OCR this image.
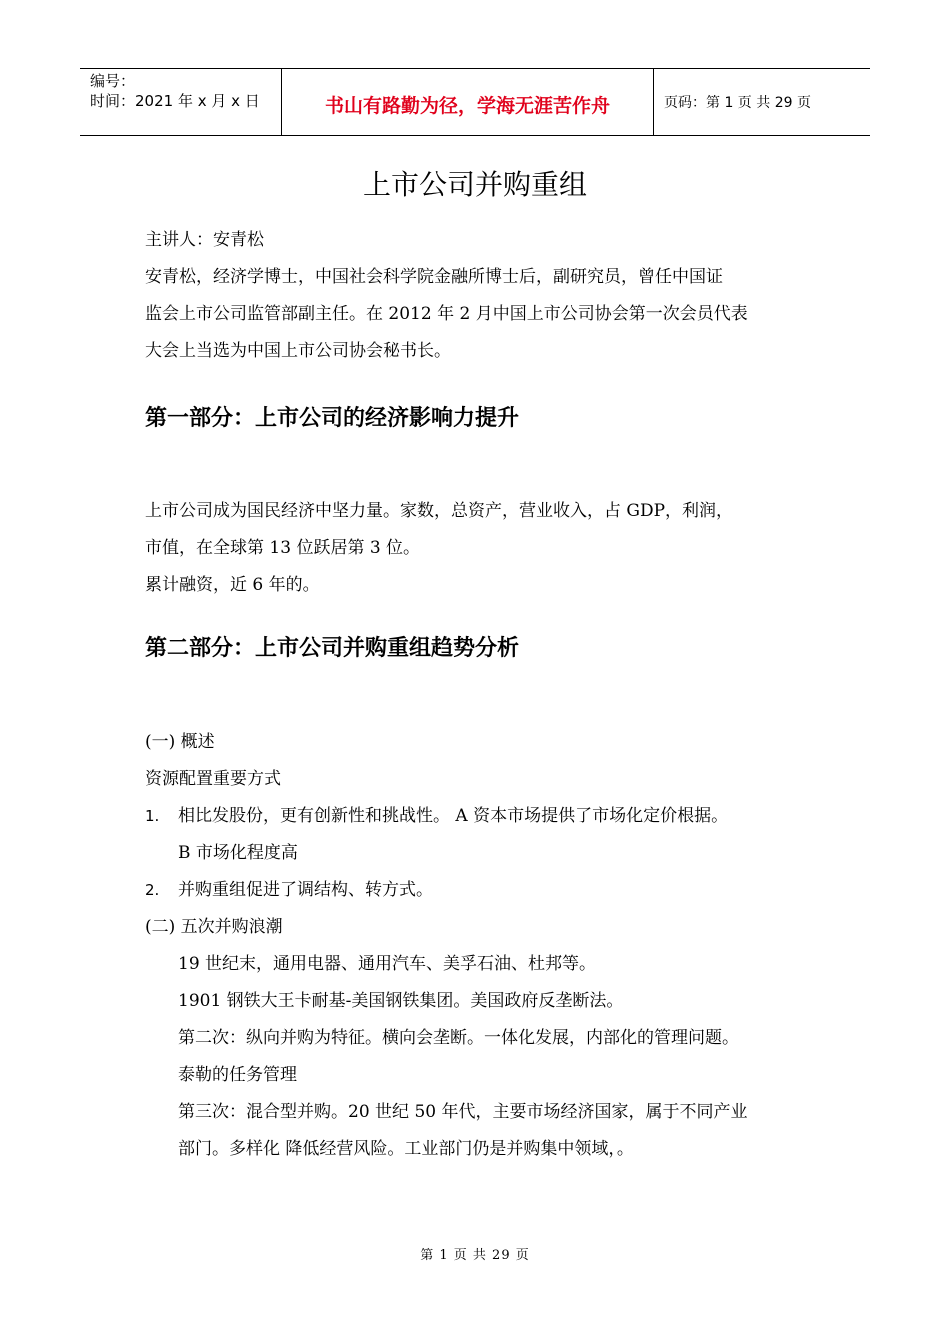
编号：
时间：2021 年 x 月 x 日	书山有路勤为径，学海无涯苦作舟	页码：第 1 页 共 29 页
上市公司并购重组

主讲人：安青松

安青松，经济学博士，中国社会科学院金融所博士后，副研究员，曾任中国证

监会上市公司监管部副主任。在 2012 年 2 月中国上市公司协会第一次会员代表

大会上当选为中国上市公司协会秘书长。

第一部分：上市公司的经济影响力提升

上市公司成为国民经济中坚力量。家数，总资产，营业收入，占 GDP，利润，

市值，在全球第 13 位跃居第 3 位。

累计融资，近 6 年的。

第二部分：上市公司并购重组趋势分析

(一) 概述

资源配置重要方式

1.	相比发股份，更有创新性和挑战性。 A 资本市场提供了市场化定价根据。

B 市场化程度高

2.	并购重组促进了调结构、转方式。

(二) 五次并购浪潮

19 世纪末，通用电器、通用汽车、美孚石油、杜邦等。

1901 钢铁大王卡耐基-美国钢铁集团。美国政府反垄断法。

第二次：纵向并购为特征。横向会垄断。一体化发展，内部化的管理问题。

泰勒的任务管理

第三次：混合型并购。20 世纪 50 年代，主要市场经济国家，属于不同产业

部门。多样化 降低经营风险。工业部门仍是并购集中领域，。

第 1 页 共 29 页
